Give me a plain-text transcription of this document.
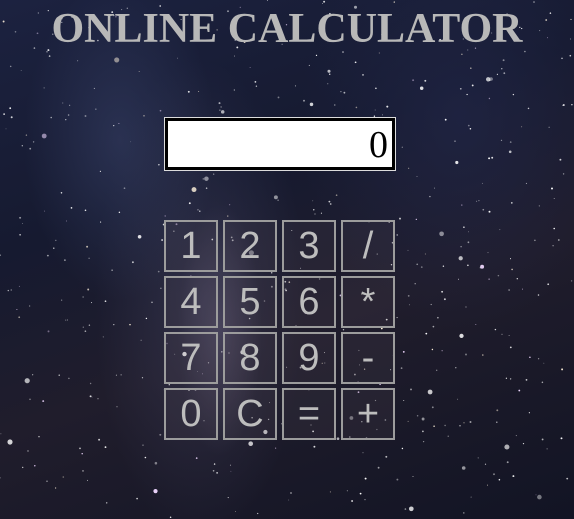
ONLINE CALCULATOR
0
1 2 3	/
4 5 6	*
7 8 9	-
0 C = +
